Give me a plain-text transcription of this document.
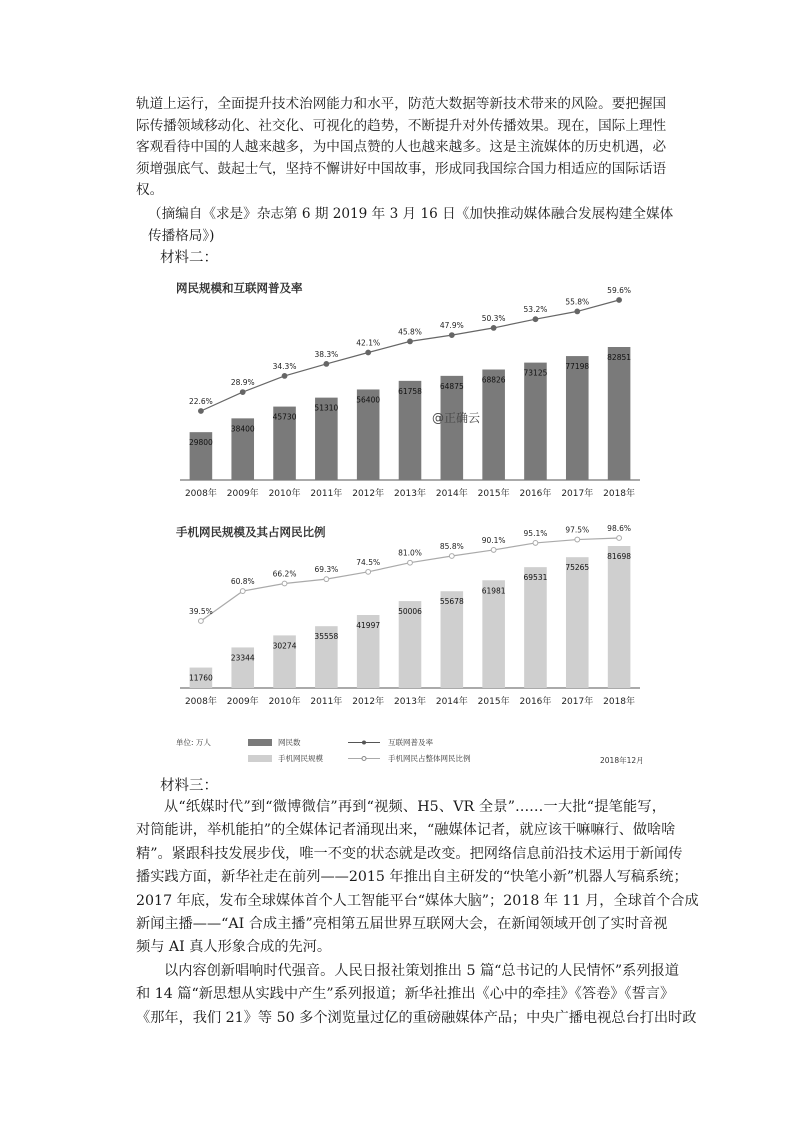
轨道上运行，全面提升技术治网能力和水平，防范大数据等新技术带来的风险。要把握国
际传播领域移动化、社交化、可视化的趋势，不断提升对外传播效果。现在，国际上理性
客观看待中国的人越来越多，为中国点赞的人也越来越多。这是主流媒体的历史机遇，必
须增强底气、鼓起士气，坚持不懈讲好中国故事，形成同我国综合国力相适应的国际话语
权。
（摘编自《求是》杂志第 6 期 2019 年 3 月 16 日《加快推动媒体融合发展构建全媒体
传播格局》)
材料二：
网民规模和互联网普及率
29800
2008年
38400
2009年
45730
2010年
51310
2011年
56400
2012年
61758
2013年
64875
2014年
68826
2015年
73125
2016年
77198
2017年
82851
2018年
22.6%
28.9%
34.3%
38.3%
42.1%
45.8%
47.9%
50.3%
53.2%
55.8%
59.6%
@正确云
手机网民规模及其占网民比例
11760
2008年
23344
2009年
30274
2010年
35558
2011年
41997
2012年
50006
2013年
55678
2014年
61981
2015年
69531
2016年
75265
2017年
81698
2018年
39.5%
60.8%
66.2% 69.3%
74.5%
81.0%
85.8%
90.1%
95.1% 97.5% 98.6%
单位: 万人	网民数	互联网普及率
手机网民规模	手机网民占整体网民比例	2018年12月
材料三：
从“纸媒时代”到“微博微信”再到“视频、H5、VR 全景”……一大批“提笔能写，
对筒能讲，举机能拍”的全媒体记者涌现出来，“融媒体记者，就应该干嘛嘛行、做啥啥
精”。紧跟科技发展步伐，唯一不变的状态就是改变。把网络信息前沿技术运用于新闻传
播实践方面，新华社走在前列——2015 年推出自主研发的“快笔小新”机器人写稿系统；
2017 年底，发布全球媒体首个人工智能平台“媒体大脑”；2018 年 11 月，全球首个合成
新闻主播——“AI 合成主播”亮相第五届世界互联网大会，在新闻领域开创了实时音视
频与 AI 真人形象合成的先河。
以内容创新唱响时代强音。人民日报社策划推出 5 篇“总书记的人民情怀”系列报道
和 14 篇“新思想从实践中产生”系列报道；新华社推出《心中的牵挂》《答卷》《誓言》
《那年，我们 21》等 50 多个浏览量过亿的重磅融媒体产品；中央广播电视总台打出时政
